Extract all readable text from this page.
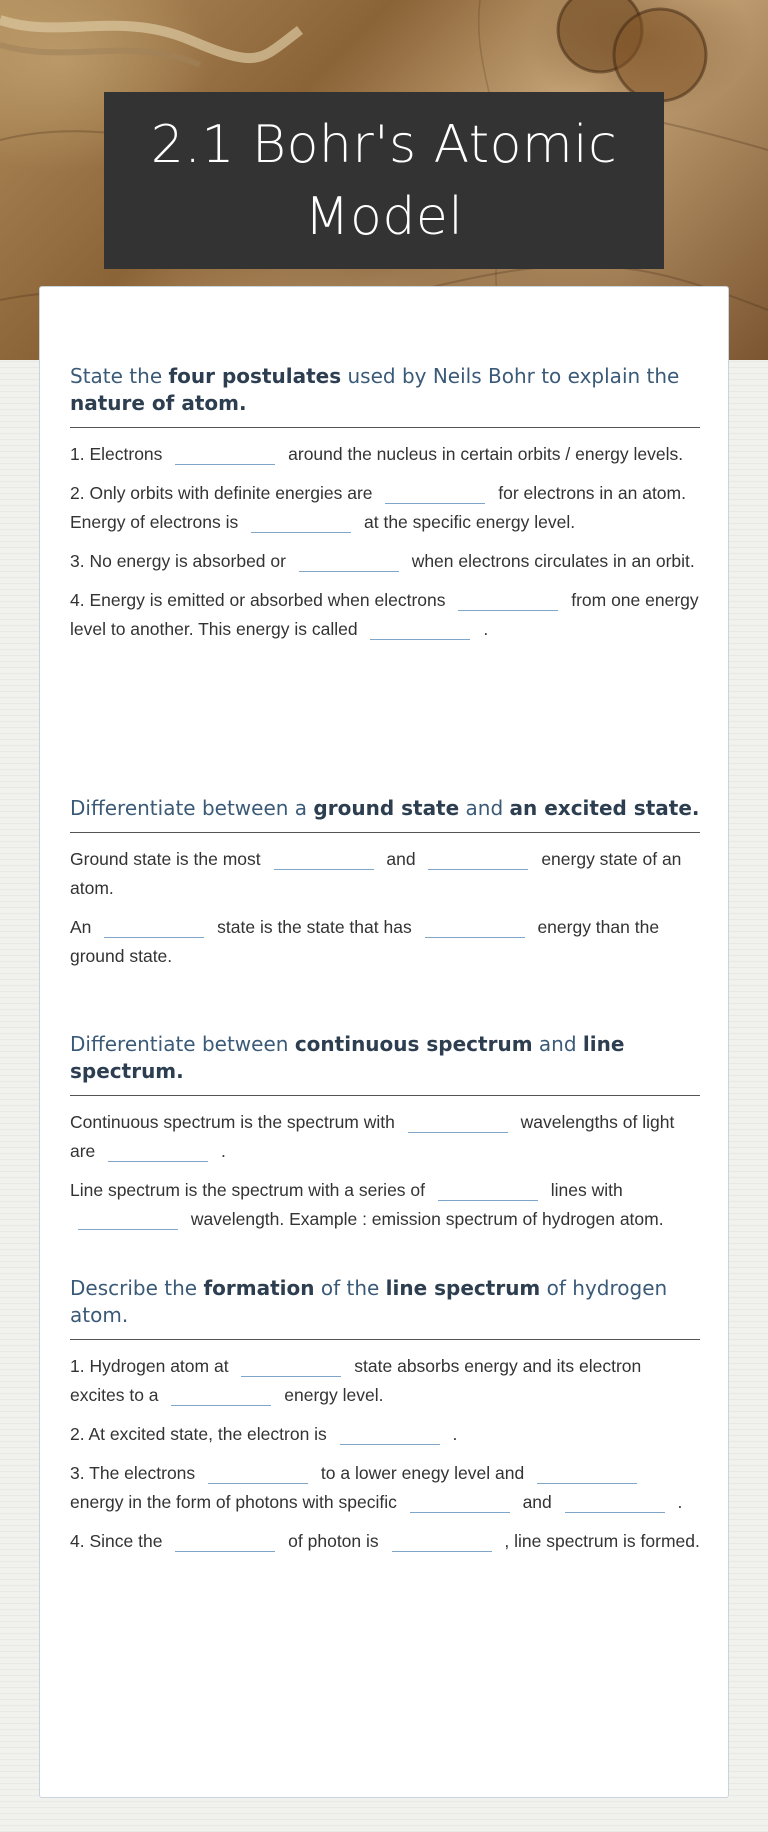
2.1 Bohr's Atomic Model
State the four postulates used by Neils Bohr to explain the nature of atom.

1. Electrons	around the nucleus in certain orbits / energy levels.

2. Only orbits with definite energies are	for electrons in an atom. Energy of electrons is	at the specific energy level.

3. No energy is absorbed or	when electrons circulates in an orbit.

4. Energy is emitted or absorbed when electrons	from one energy level to another. This energy is called	.

Differentiate between a ground state and an excited state.

Ground state is the most	and	energy state of an atom.

An	state is the state that has	energy than the ground state.

Differentiate between continuous spectrum and line spectrum.

Continuous spectrum is the spectrum with	wavelengths of light are	.

Line spectrum is the spectrum with a series of	lines with  wavelength. Example : emission spectrum of hydrogen atom.

Describe the formation of the line spectrum of hydrogen atom.

1. Hydrogen atom at	state absorbs energy and its electron excites to a	energy level.

2. At excited state, the electron is	.

3. The electrons	to a lower enegy level and  energy in the form of photons with specific	and	.

4. Since the	of photon is	, line spectrum is formed.
